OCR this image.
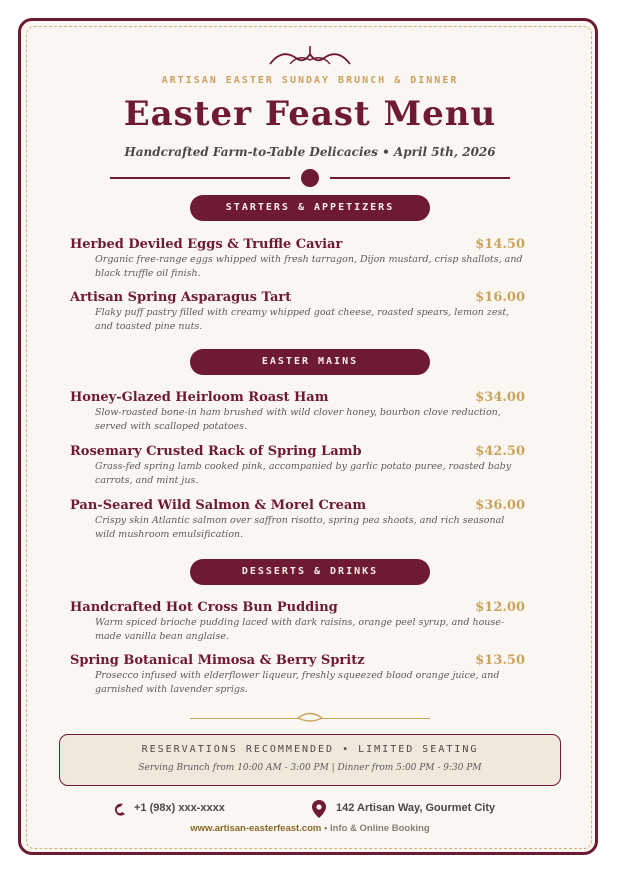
ARTISAN EASTER SUNDAY BRUNCH & DINNER
Easter Feast Menu
Handcrafted Farm-to-Table Delicacies • April 5th, 2026
STARTERS & APPETIZERS
Herbed Deviled Eggs & Truffle Caviar	$14.50
Organic free-range eggs whipped with fresh tarragon, Dijon mustard, crisp shallots, and black truffle oil finish.
Artisan Spring Asparagus Tart	$16.00
Flaky puff pastry filled with creamy whipped goat cheese, roasted spears, lemon zest, and toasted pine nuts.
EASTER MAINS
Honey-Glazed Heirloom Roast Ham	$34.00
Slow-roasted bone-in ham brushed with wild clover honey, bourbon clove reduction, served with scalloped potatoes.
Rosemary Crusted Rack of Spring Lamb	$42.50
Grass-fed spring lamb cooked pink, accompanied by garlic potato puree, roasted baby carrots, and mint jus.
Pan-Seared Wild Salmon & Morel Cream	$36.00
Crispy skin Atlantic salmon over saffron risotto, spring pea shoots, and rich seasonal wild mushroom emulsification.
DESSERTS & DRINKS
Handcrafted Hot Cross Bun Pudding	$12.00
Warm spiced brioche pudding laced with dark raisins, orange peel syrup, and house-made vanilla bean anglaise.
Spring Botanical Mimosa & Berry Spritz	$13.50
Prosecco infused with elderflower liqueur, freshly squeezed blood orange juice, and garnished with lavender sprigs.
RESERVATIONS RECOMMENDED • LIMITED SEATING
Serving Brunch from 10:00 AM - 3:00 PM | Dinner from 5:00 PM - 9:30 PM
+1 (98x) xxx-xxxx	142 Artisan Way, Gourmet City
www.artisan-easterfeast.com • Info & Online Booking
